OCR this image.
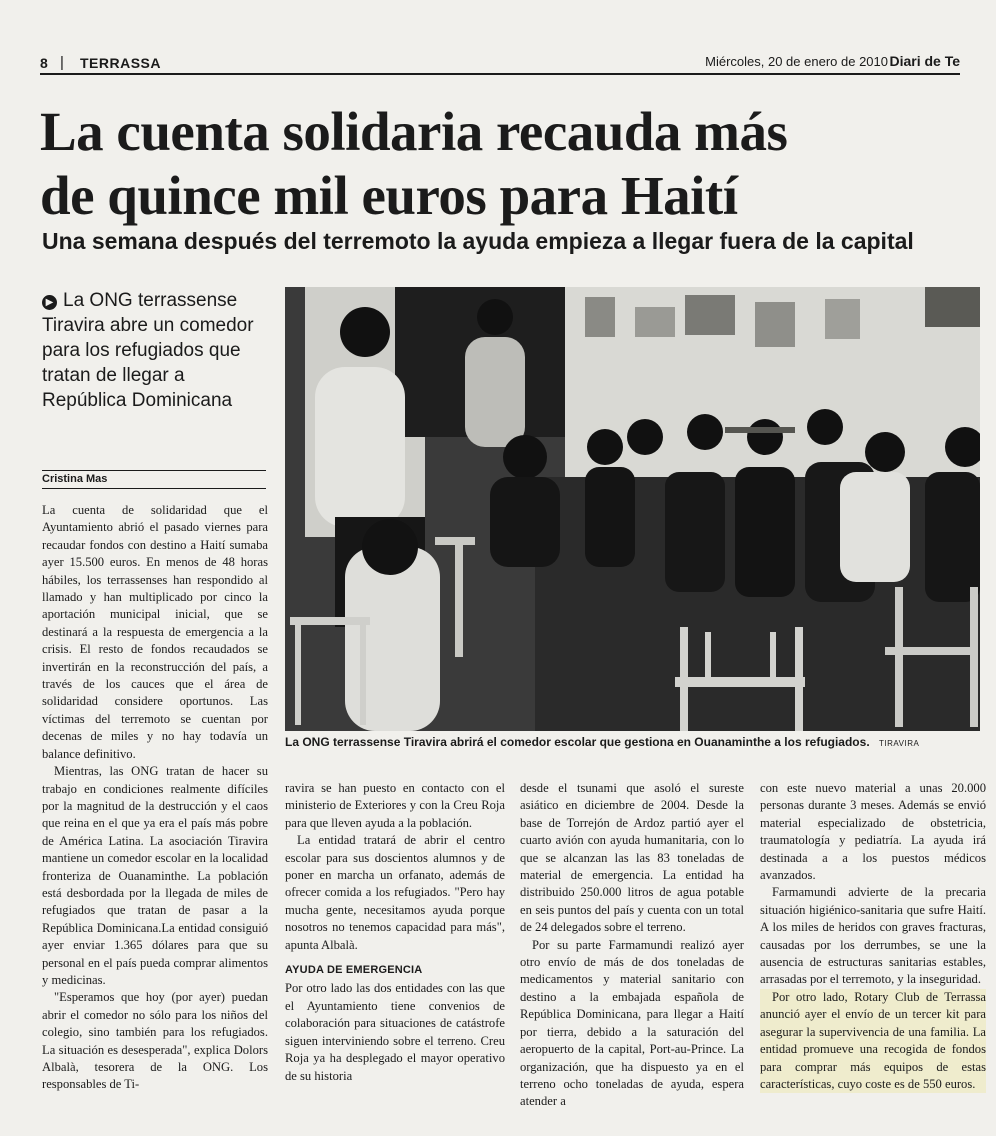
8 | TERRASSA	Miércoles, 20 de enero de 2010 Diari de Te
La cuenta solidaria recauda más
de quince mil euros para Haití
Una semana después del terremoto la ayuda empieza a llegar fuera de la capital
▶ La ONG terrassense Tiravira abre un comedor para los refugiados que tratan de llegar a República Dominicana
Cristina Mas

La cuenta de solidaridad que el Ayuntamiento abrió el pasado viernes para recaudar fondos con destino a Haití sumaba ayer 15.500 euros. En menos de 48 horas hábiles, los terrassenses han respondido al llamado y han multiplicado por cinco la aportación municipal inicial, que se destinará a la respuesta de emergencia a la crisis. El resto de fondos recaudados se invertirán en la reconstrucción del país, a través de los cauces que el área de solidaridad considere oportunos. Las víctimas del terremoto se cuentan por decenas de miles y no hay todavía un balance definitivo.

Mientras, las ONG tratan de hacer su trabajo en condiciones realmente difíciles por la magnitud de la destrucción y el caos que reina en el que ya era el país más pobre de América Latina. La asociación Tiravira mantiene un comedor escolar en la localidad fronteriza de Ouanaminthe. La población está desbordada por la llegada de miles de refugiados que tratan de pasar a la República Dominicana.La entidad consiguió ayer enviar 1.365 dólares para que su personal en el país pueda comprar alimentos y medicinas.

"Esperamos que hoy (por ayer) puedan abrir el comedor no sólo para los niños del colegio, sino también para los refugiados. La situación es desesperada", explica Dolors Albalà, tesorera de la ONG. Los responsables de Ti-

La ONG terrassense Tiravira abrirá el comedor escolar que gestiona en Ouanaminthe a los refugiados. TIRAVIRA

ravira se han puesto en contacto con el ministerio de Exteriores y con la Creu Roja para que lleven ayuda a la población.

La entidad tratará de abrir el centro escolar para sus doscientos alumnos y de poner en marcha un orfanato, además de ofrecer comida a los refugiados. "Pero hay mucha gente, necesitamos ayuda porque nosotros no tenemos capacidad para más", apunta Albalà.

AYUDA DE EMERGENCIA

Por otro lado las dos entidades con las que el Ayuntamiento tiene convenios de colaboración para situaciones de catástrofe siguen interviniendo sobre el terreno. Creu Roja ya ha desplegado el mayor operativo de su historia

desde el tsunami que asoló el sureste asiático en diciembre de 2004. Desde la base de Torrejón de Ardoz partió ayer el cuarto avión con ayuda humanitaria, con lo que se alcanzan las las 83 toneladas de material de emergencia. La entidad ha distribuido 250.000 litros de agua potable en seis puntos del país y cuenta con un total de 24 delegados sobre el terreno.

Por su parte Farmamundi realizó ayer otro envío de más de dos toneladas de medicamentos y material sanitario con destino a la embajada española de República Dominicana, para llegar a Haití por tierra, debido a la saturación del aeropuerto de la capital, Port-au-Prince. La organización, que ha dispuesto ya en el terreno ocho toneladas de ayuda, espera atender a

con este nuevo material a unas 20.000 personas durante 3 meses. Además se envió material especializado de obstetricia, traumatología y pediatría. La ayuda irá destinada a a los puestos médicos avanzados.

Farmamundi advierte de la precaria situación higiénico-sanitaria que sufre Haití. A los miles de heridos con graves fracturas, causadas por los derrumbes, se une la ausencia de estructuras sanitarias estables, arrasadas por el terremoto, y la inseguridad.

Por otro lado, Rotary Club de Terrassa anunció ayer el envío de un tercer kit para asegurar la supervivencia de una familia. La entidad promueve una recogida de fondos para comprar más equipos de estas características, cuyo coste es de 550 euros.
